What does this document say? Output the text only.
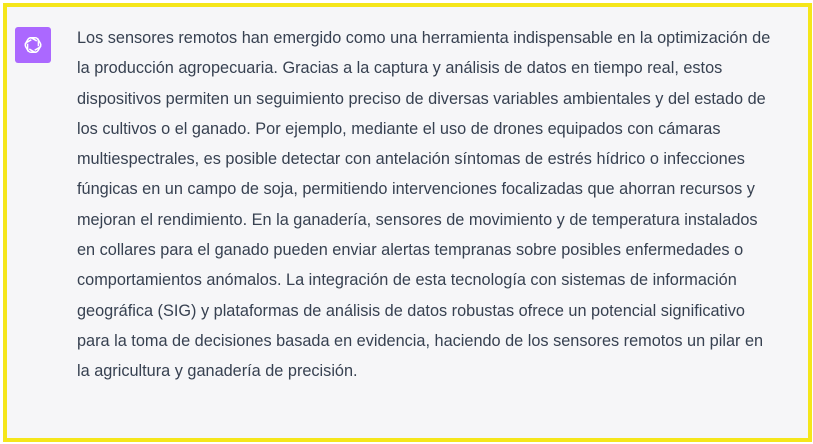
Los sensores remotos han emergido como una herramienta indispensable en la optimización de la producción agropecuaria. Gracias a la captura y análisis de datos en tiempo real, estos dispositivos permiten un seguimiento preciso de diversas variables ambientales y del estado de los cultivos o el ganado. Por ejemplo, mediante el uso de drones equipados con cámaras multiespectrales, es posible detectar con antelación síntomas de estrés hídrico o infecciones fúngicas en un campo de soja, permitiendo intervenciones focalizadas que ahorran recursos y mejoran el rendimiento. En la ganadería, sensores de movimiento y de temperatura instalados en collares para el ganado pueden enviar alertas tempranas sobre posibles enfermedades o comportamientos anómalos. La integración de esta tecnología con sistemas de información geográfica (SIG) y plataformas de análisis de datos robustas ofrece un potencial significativo para la toma de decisiones basada en evidencia, haciendo de los sensores remotos un pilar en la agricultura y ganadería de precisión.
